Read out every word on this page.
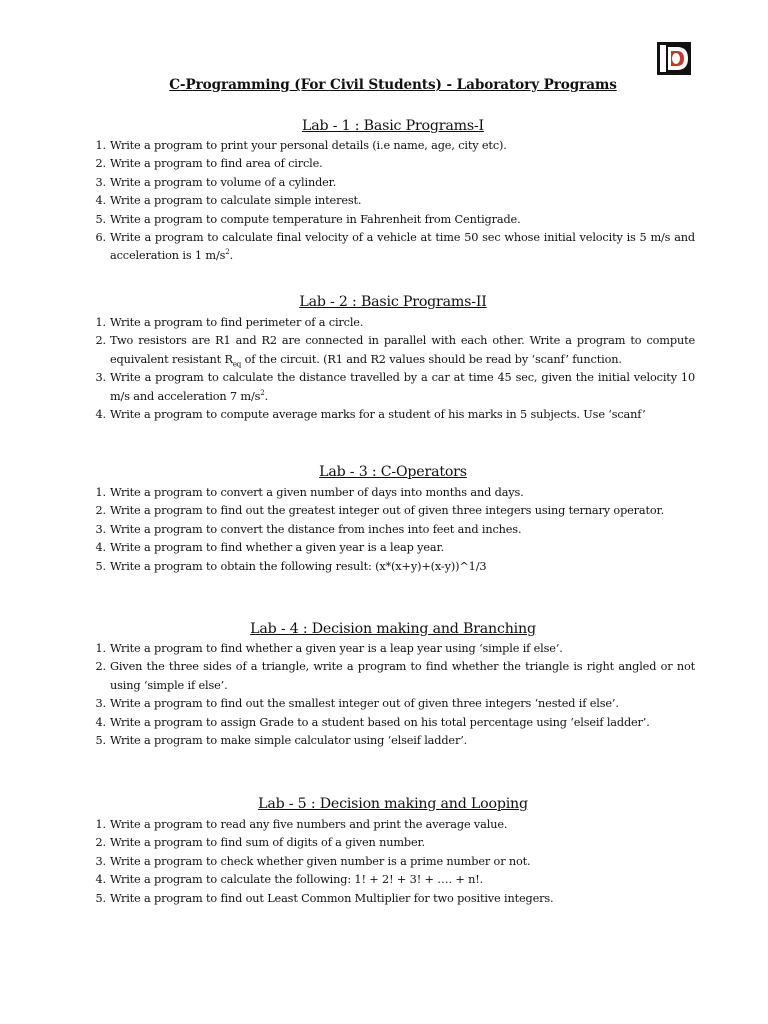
C-Programming (For Civil Students) - Laboratory Programs
Lab - 1 : Basic Programs-I
1. Write a program to print your personal details (i.e name, age, city etc).
2. Write a program to find area of circle.
3. Write a program to volume of a cylinder.
4. Write a program to calculate simple interest.
5. Write a program to compute temperature in Fahrenheit from Centigrade.
6. Write a program to calculate final velocity of a vehicle at time 50 sec whose initial velocity is 5 m/s and acceleration is 1 $m/s^2$.
Lab - 2 : Basic Programs-II
1. Write a program to find perimeter of a circle.
2. Two resistors are R1 and R2 are connected in parallel with each other. Write a program to compute equivalent resistant $R_{eq}$ of the circuit. (R1 and R2 values should be read by ‘scanf’ function.
3. Write a program to calculate the distance travelled by a car at time 45 sec, given the initial velocity 10 m/s and acceleration 7 $m/s^2$.
4. Write a program to compute average marks for a student of his marks in 5 subjects. Use ‘scanf’
Lab - 3 : C-Operators
1. Write a program to convert a given number of days into months and days.
2. Write a program to find out the greatest integer out of given three integers using ternary operator.
3. Write a program to convert the distance from inches into feet and inches.
4. Write a program to find whether a given year is a leap year.
5. Write a program to obtain the following result: (x*(x+y)+(x-y))^1/3
Lab - 4 : Decision making and Branching
1. Write a program to find whether a given year is a leap year using ‘simple if else’.
2. Given the three sides of a triangle, write a program to find whether the triangle is right angled or not using ‘simple if else’.
3. Write a program to find out the smallest integer out of given three integers ‘nested if else’.
4. Write a program to assign Grade to a student based on his total percentage using ‘elseif ladder’.
5. Write a program to make simple calculator using ‘elseif ladder’.
Lab - 5 : Decision making and Looping
1. Write a program to read any five numbers and print the average value.
2. Write a program to find sum of digits of a given number.
3. Write a program to check whether given number is a prime number or not.
4. Write a program to calculate the following: 1! + 2! + 3! + …. + n!.
5. Write a program to find out Least Common Multiplier for two positive integers.
